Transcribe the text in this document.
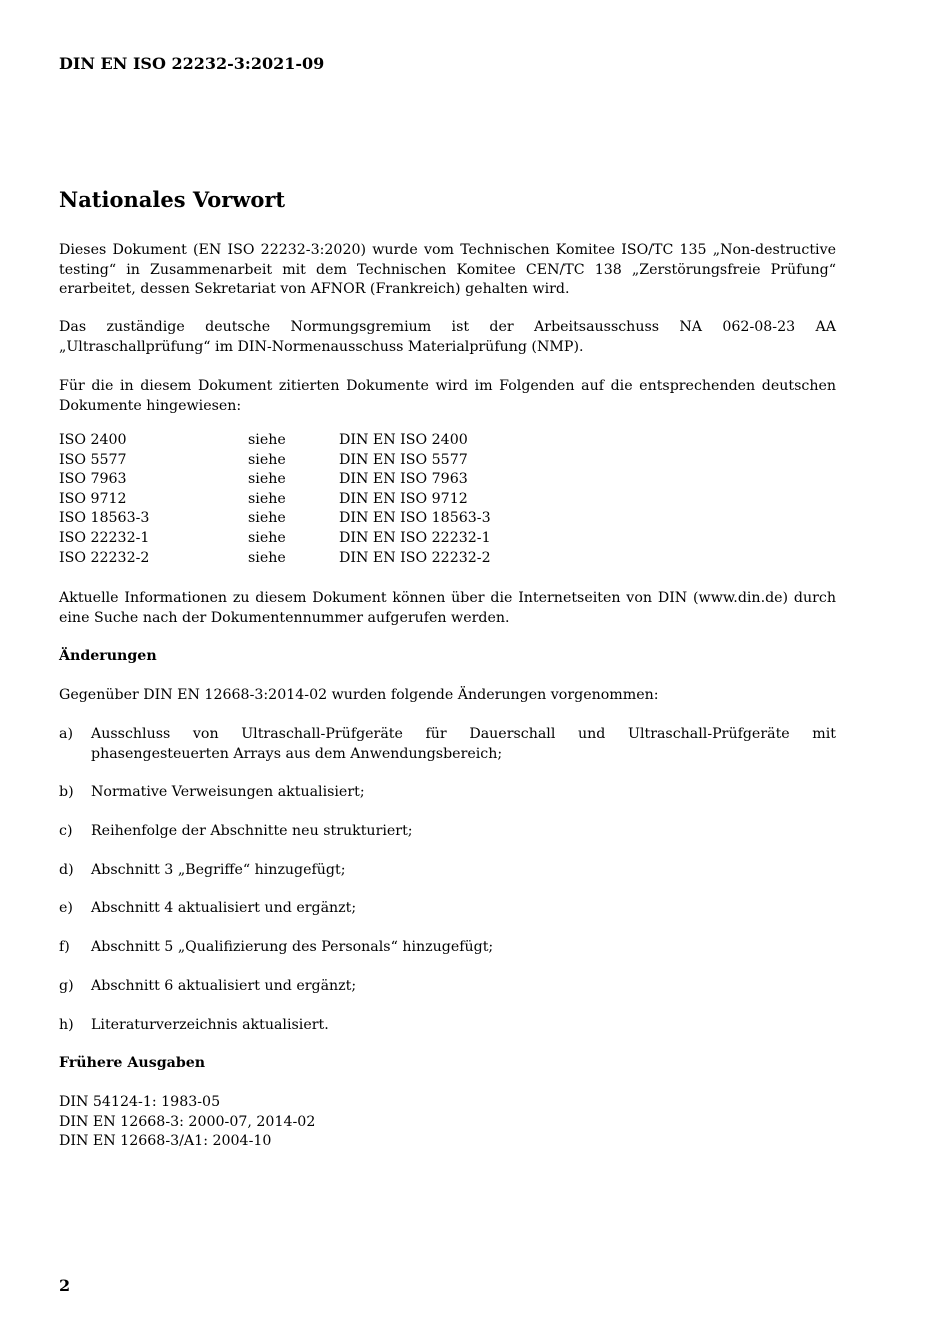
DIN EN ISO 22232-3:2021-09
Nationales Vorwort

Dieses Dokument (EN ISO 22232-3:2020) wurde vom Technischen Komitee ISO/TC 135 „Non-destructive testing“ in Zusammenarbeit mit dem Technischen Komitee CEN/TC 138 „Zerstörungsfreie Prüfung“ erarbeitet, dessen Sekretariat von AFNOR (Frankreich) gehalten wird.

Das zuständige deutsche Normungsgremium ist der Arbeitsausschuss NA 062-08-23 AA „Ultraschallprüfung“ im DIN-Normenausschuss Materialprüfung (NMP).

Für die in diesem Dokument zitierten Dokumente wird im Folgenden auf die entsprechenden deutschen Dokumente hingewiesen:

ISO 2400	siehe	DIN EN ISO 2400
ISO 5577	siehe	DIN EN ISO 5577
ISO 7963	siehe	DIN EN ISO 7963
ISO 9712	siehe	DIN EN ISO 9712
ISO 18563-3	siehe	DIN EN ISO 18563-3
ISO 22232-1	siehe	DIN EN ISO 22232-1
ISO 22232-2	siehe	DIN EN ISO 22232-2

Aktuelle Informationen zu diesem Dokument können über die Internetseiten von DIN (www.din.de) durch eine Suche nach der Dokumentennummer aufgerufen werden.

Änderungen

Gegenüber DIN EN 12668-3:2014-02 wurden folgende Änderungen vorgenommen:

a)	Ausschluss von Ultraschall-Prüfgeräte für Dauerschall und Ultraschall-Prüfgeräte mit phasengesteuerten Arrays aus dem Anwendungsbereich;
b)	Normative Verweisungen aktualisiert;
c)	Reihenfolge der Abschnitte neu strukturiert;
d)	Abschnitt 3 „Begriffe“ hinzugefügt;
e)	Abschnitt 4 aktualisiert und ergänzt;
f)	Abschnitt 5 „Qualifizierung des Personals“ hinzugefügt;
g)	Abschnitt 6 aktualisiert und ergänzt;
h)	Literaturverzeichnis aktualisiert.
Frühere Ausgaben
DIN 54124-1: 1983-05
DIN EN 12668-3: 2000-07, 2014-02
DIN EN 12668-3/A1: 2004-10
2
